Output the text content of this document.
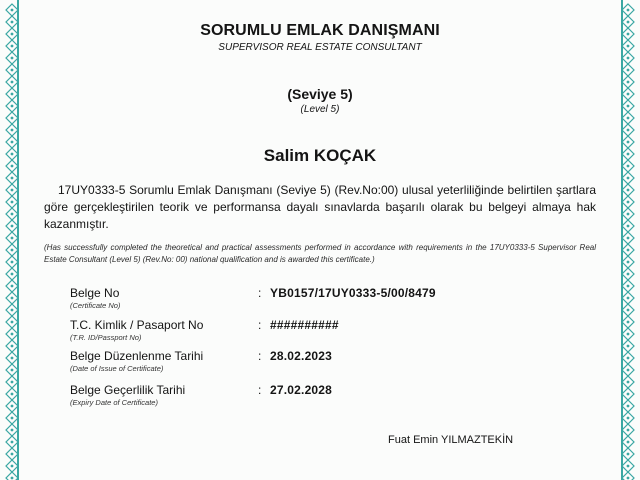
SORUMLU EMLAK DANIŞMANI
SUPERVISOR REAL ESTATE CONSULTANT
(Seviye 5)
(Level 5)
Salim KOÇAK
17UY0333-5 Sorumlu Emlak Danışmanı (Seviye 5) (Rev.No:00) ulusal yeterliliğinde belirtilen şartlara göre gerçekleştirilen teorik ve performansa dayalı sınavlarda başarılı olarak bu belgeyi almaya hak kazanmıştır.
(Has successfully completed the theoretical and practical assessments performed in accordance with requirements in the 17UY0333-5 Supervisor Real Estate Consultant (Level 5) (Rev.No: 00) national qualification and is awarded this certificate.)
Belge No
(Certificate No)
: YB0157/17UY0333-5/00/8479
T.C. Kimlik / Pasaport No
(T.R. ID/Passport No)
: ##########
Belge Düzenlenme Tarihi
(Date of Issue of Certificate)
: 28.02.2023
Belge Geçerlilik Tarihi
(Expiry Date of Certificate)
: 27.02.2028
Fuat Emin YILMAZTEKİN
